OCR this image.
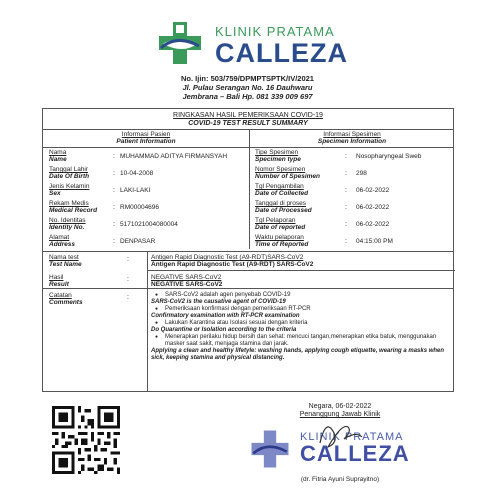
KLINIK PRATAMA
CALLEZA
No. Ijin: 503/759/DPMPTSPTK/IV/2021
Jl. Pulau Serangan No. 16 Dauhwaru
Jembrana – Bali Hp. 081 339 009 697
RINGKASAN HASIL PEMERIKSAAN COVID-19
COVID-19 TEST RESULT SUMMARY
Informasi Pasien
Patient Information
Informasi Spesimen
Specimen Information
Nama
Name	: MUHAMMAD ADITYA FIRMANSYAH
Tanggal Lahir
Date Of Birth	: 10-04-2008
Jenis Kelamin
Sex	: LAKI-LAKI
Rekam Medis
Medical Record : RM00004696
No. Identitas
Identity No.	: 5171021004080004
Alamat
Address	: DENPASAR
Tipe Spesimen
Specimen type	: Nosopharyngeal Sweb
Nomor Spesimen
Number of Spesimen	: 298
Tgl Pengambilan
Date of Collected	: 06-02-2022
Tanggal di proses
Date of Processed	: 06-02-2022
Tgl Pelaporan
Date of reported	: 06-02-2022
Waktu pelaporan
Time of Reported	: 04:15:00 PM
Nama test
Test Name
:	Antigen Rapid Diagnostic Test (A9-RDT)SARS-CoV2
Antigen Rapid Diagnostic Test (A9-RDT) SARS-CoV2
Hasil
Result
:	NEGATIVE SARS-CoV2
NEGATIVE SARS-CoV2
Catatan
Comments
:
●	SARS-CoV2 adalah agen penyebab COVID-19
SARS-CoV2 is the causative agent of COVID-19
● Pemeriksaan konfirmasi dengan pemeriksaan RT-PCR
Confirmatory examination with RT-PCR examination
● Lakukan Karantina atau Isolasi sesuai dengan kriteria
Do Quarantine or Isolation according to the criteria
● Menerapkan perilaku hidup bersih dan sehat: mencuci tangan,menerapkan etika batuk, menggunakan masker saat sakit, menjaga stamina dan jarak.
Applying a clean and healthy lifetyle: washing hands, applying cough etiquette, wearing a masks when sick, keeping stamina and physical distancing.
Negara, 06-02-2022
Penanggung Jawab Klinik
KLINIK PRATAMA
CALLEZA
(dr. Fitria Ayuni Suprayitno)
